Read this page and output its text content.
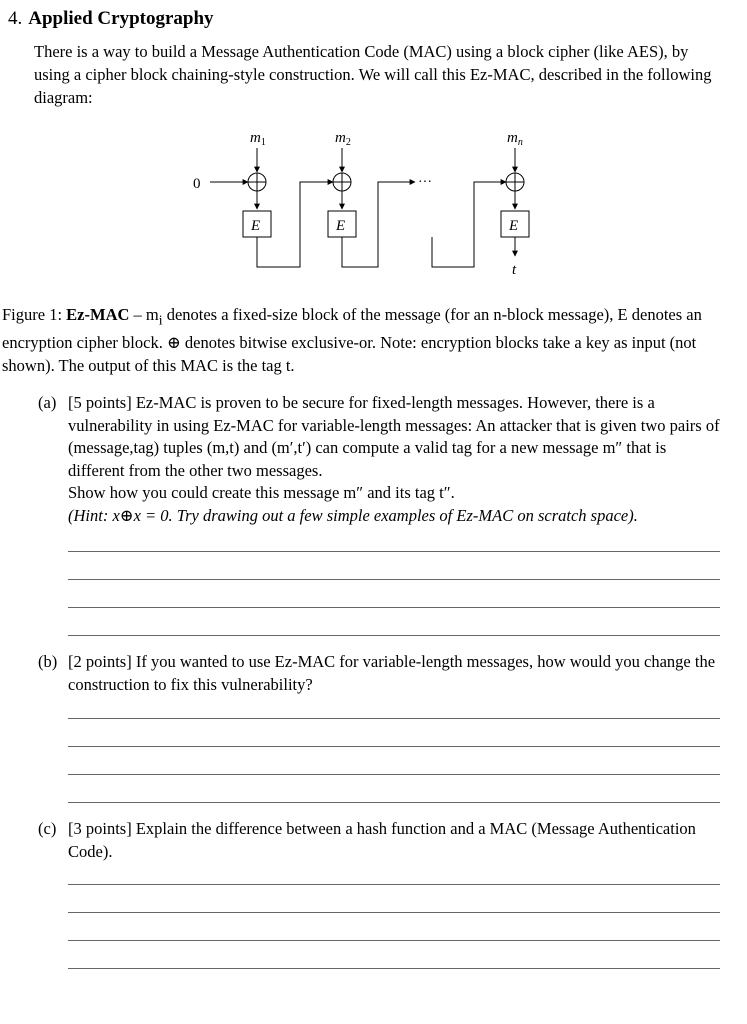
4. Applied Cryptography
There is a way to build a Message Authentication Code (MAC) using a block cipher (like AES), by using a cipher block chaining-style construction. We will call this Ez-MAC, described in the following diagram:
0
$m_1$	$m_2$	$m_n$
E	E	E
···
t
Figure 1: $Ez-MAC - m_i$ denotes a fixed-size block of the message (for an n-block message), E denotes an encryption cipher block. ⊕ denotes bitwise exclusive-or. Note: encryption blocks take a key as input (not shown). The output of this MAC is the tag t.
(a) [5 points] Ez-MAC is proven to be secure for fixed-length messages. However, there is a vulnerability in using Ez-MAC for variable-length messages: An attacker that is given two pairs of (message,tag) tuples (m,t) and (m′,t′) can compute a valid tag for a new message m″ that is different from the other two messages.
Show how you could create this message m″ and its tag t″.
(Hint: x⊕x = 0. Try drawing out a few simple examples of Ez-MAC on scratch space).
(b) [2 points] If you wanted to use Ez-MAC for variable-length messages, how would you change the construction to fix this vulnerability?
(c) [3 points] Explain the difference between a hash function and a MAC (Message Authentication Code).
